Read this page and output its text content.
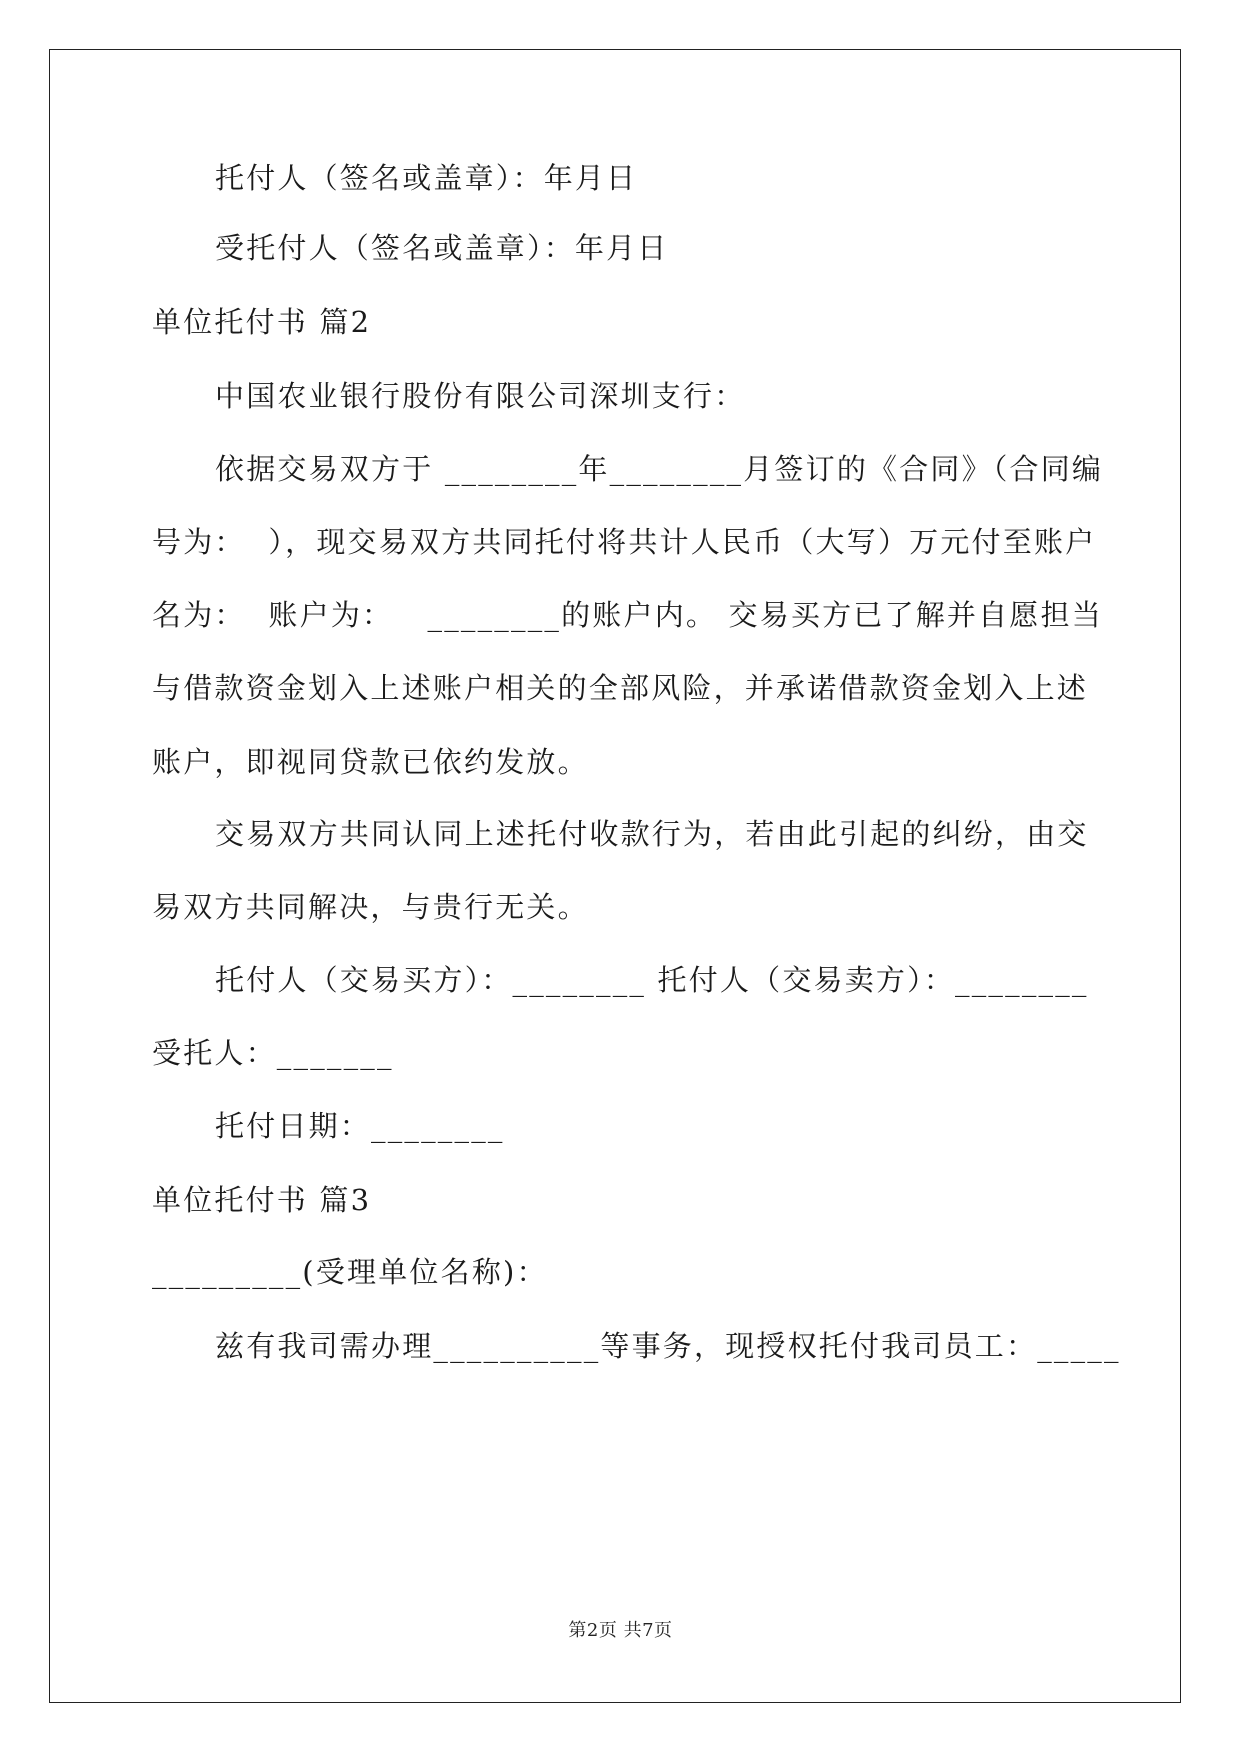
托付人（签名或盖章）：年月日
受托付人（签名或盖章）：年月日
单位托付书 篇2
中国农业银行股份有限公司深圳支行：
依据交易双方于 ________年________月签订的《合同》（合同编
号为：  ），现交易双方共同托付将共计人民币（大写）万元付至账户
名为：  账户为：   ________的账户内。 交易买方已了解并自愿担当
与借款资金划入上述账户相关的全部风险，并承诺借款资金划入上述
账户，即视同贷款已依约发放。
交易双方共同认同上述托付收款行为，若由此引起的纠纷，由交
易双方共同解决，与贵行无关。
托付人（交易买方）：________ 托付人（交易卖方）：________
受托人：_______
托付日期：________
单位托付书 篇3
_________(受理单位名称)：
兹有我司需办理__________等事务，现授权托付我司员工：_____
第2页 共7页
